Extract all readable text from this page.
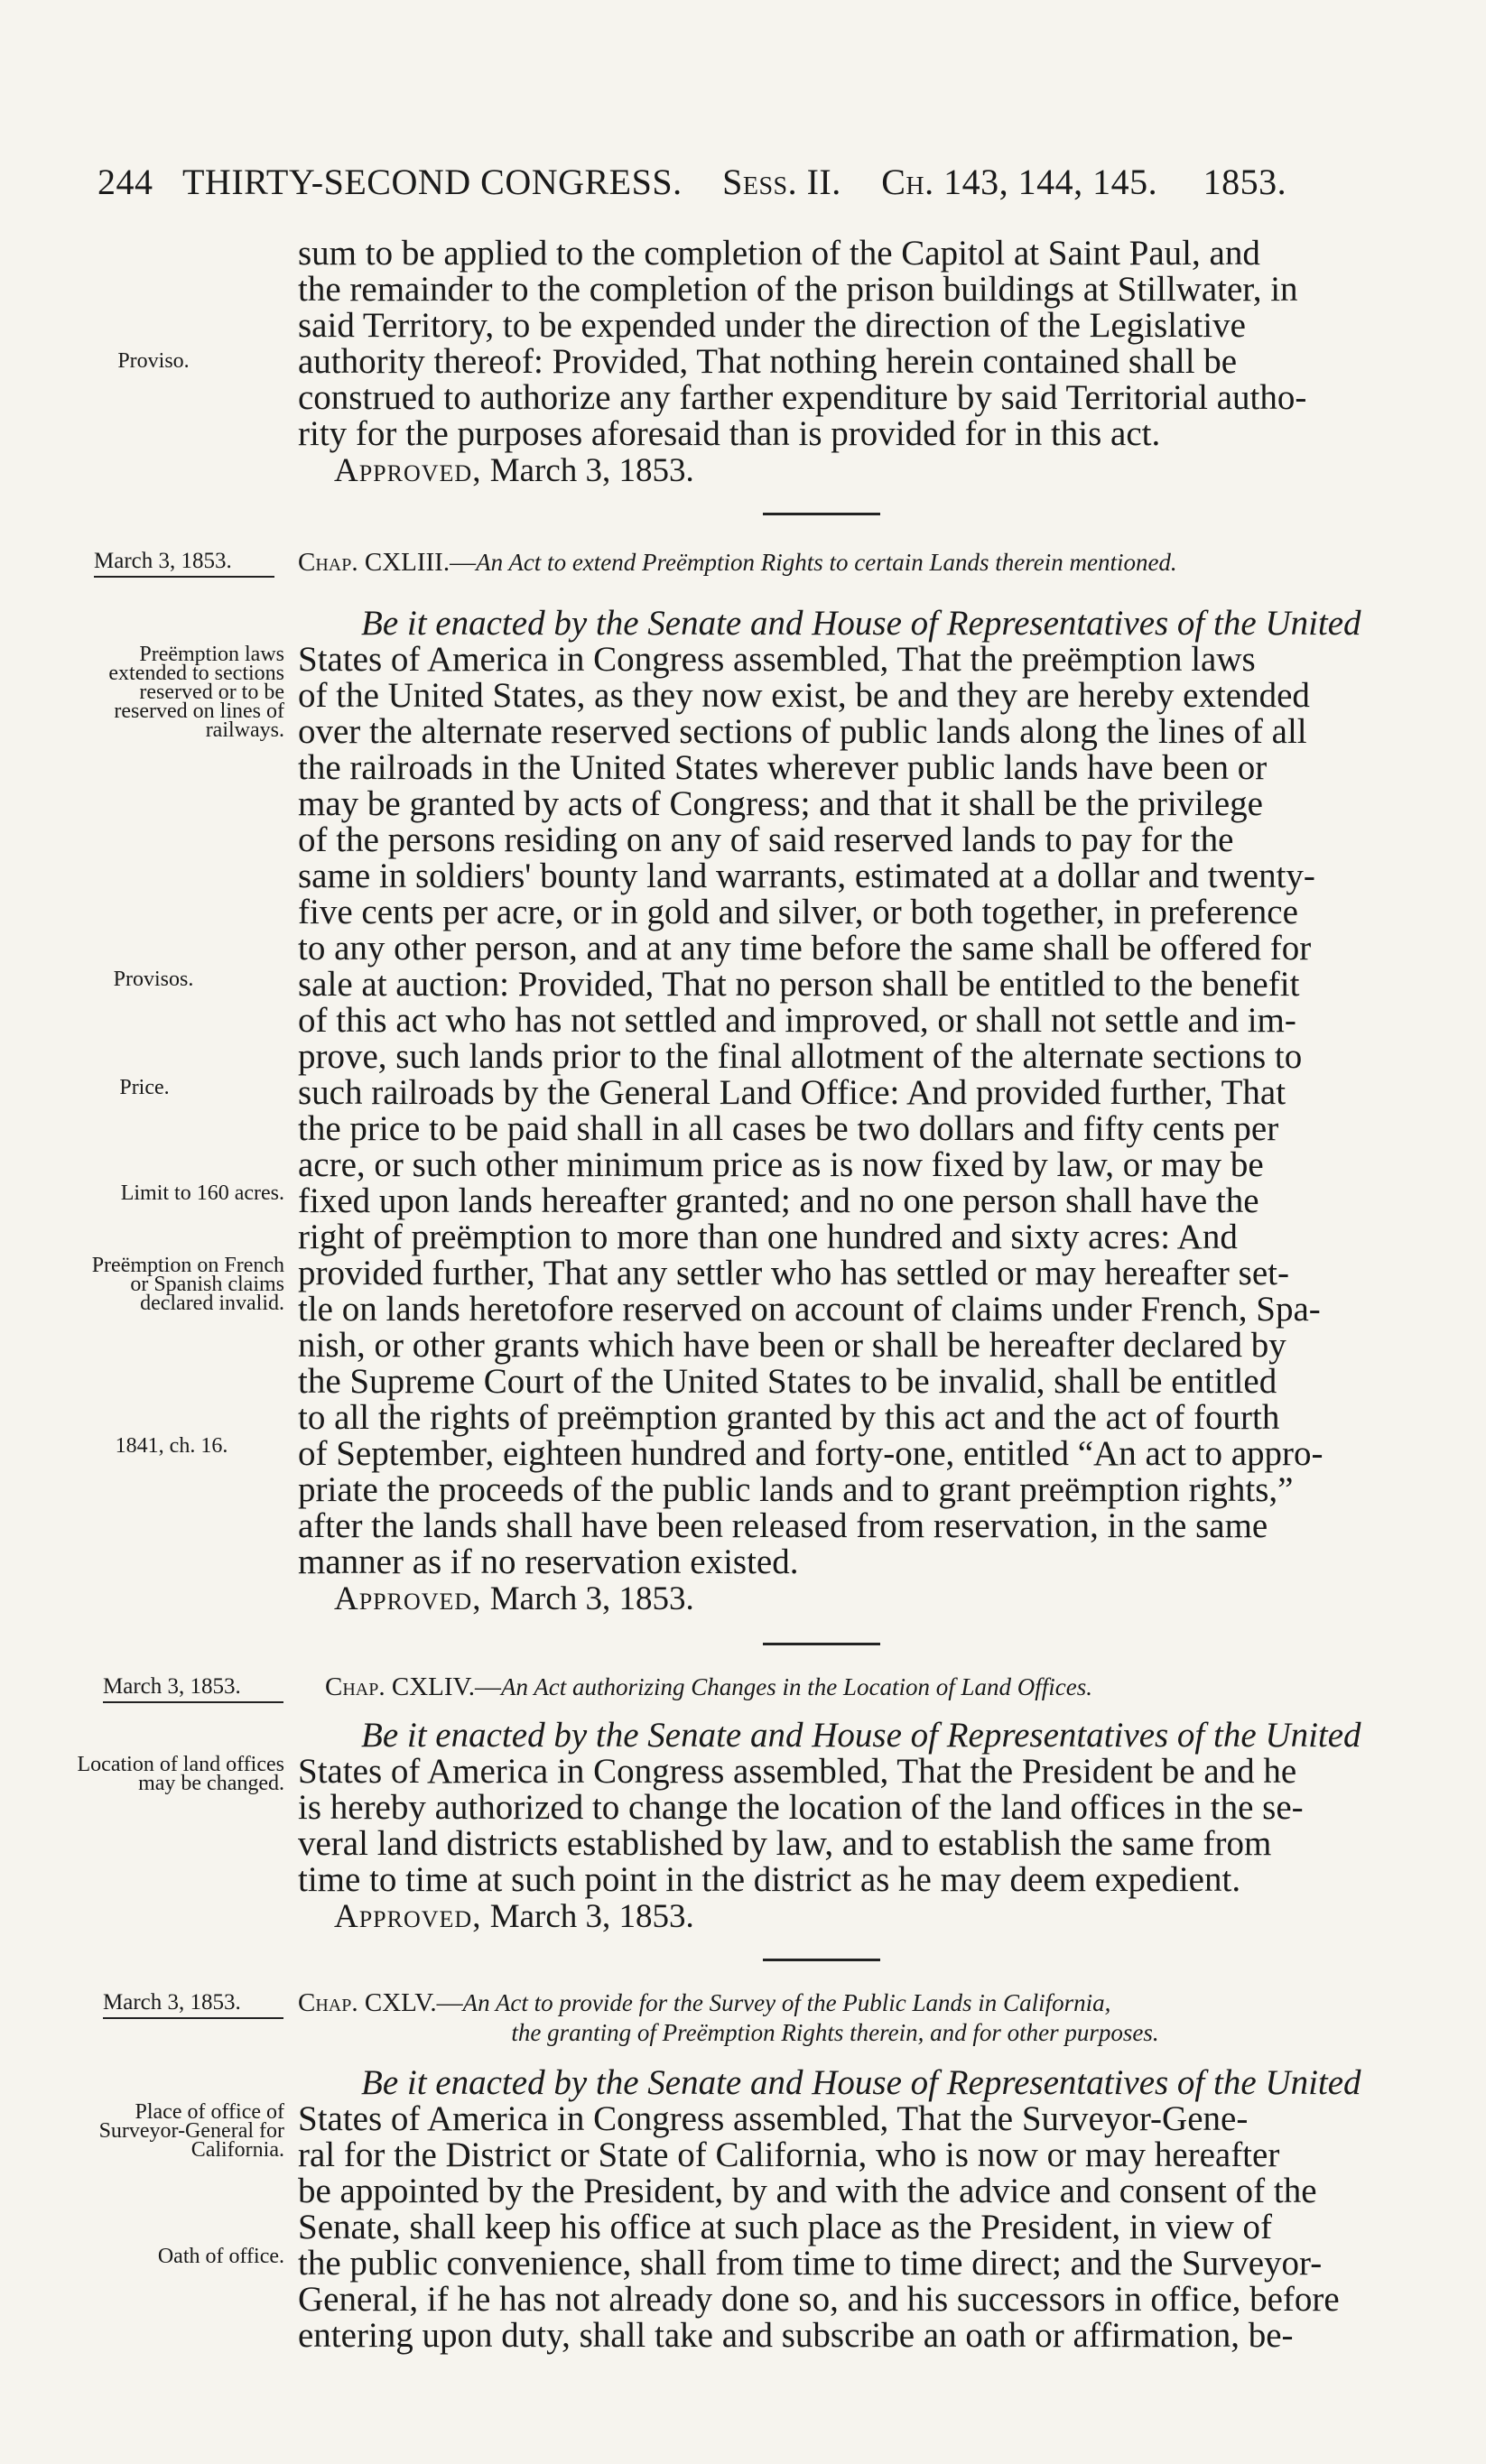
244 THIRTY-SECOND CONGRESS. Sess. II. Ch. 143, 144, 145. 1853.
sum to be applied to the completion of the Capitol at Saint Paul, and
the remainder to the completion of the prison buildings at Stillwater, in
said Territory, to be expended under the direction of the Legislative
authority thereof: Provided, That nothing herein contained shall be
construed to authorize any farther expenditure by said Territorial autho-
rity for the purposes aforesaid than is provided for in this act.
Proviso.
Approved, March 3, 1853.
March 3, 1853.	Chap. CXLIII.—An Act to extend Preëmption Rights to certain Lands therein mentioned.
Be it enacted by the Senate and House of Representatives of the United
States of America in Congress assembled, That the preëmption laws
of the United States, as they now exist, be and they are hereby extended
over the alternate reserved sections of public lands along the lines of all
the railroads in the United States wherever public lands have been or
may be granted by acts of Congress; and that it shall be the privilege
of the persons residing on any of said reserved lands to pay for the
same in soldiers' bounty land warrants, estimated at a dollar and twenty-
five cents per acre, or in gold and silver, or both together, in preference
to any other person, and at any time before the same shall be offered for
sale at auction: Provided, That no person shall be entitled to the benefit
of this act who has not settled and improved, or shall not settle and im-
prove, such lands prior to the final allotment of the alternate sections to
such railroads by the General Land Office: And provided further, That
the price to be paid shall in all cases be two dollars and fifty cents per
acre, or such other minimum price as is now fixed by law, or may be
fixed upon lands hereafter granted; and no one person shall have the
right of preëmption to more than one hundred and sixty acres: And
provided further, That any settler who has settled or may hereafter set-
tle on lands heretofore reserved on account of claims under French, Spa-
nish, or other grants which have been or shall be hereafter declared by
the Supreme Court of the United States to be invalid, shall be entitled
to all the rights of preëmption granted by this act and the act of fourth
of September, eighteen hundred and forty-one, entitled “An act to appro-
priate the proceeds of the public lands and to grant preëmption rights,”
after the lands shall have been released from reservation, in the same
manner as if no reservation existed.
Preëmption laws extended to sections reserved or to be reserved on lines of railways.
Provisos.
Price.
Limit to 160 acres.
Preëmption on French or Spanish claims declared invalid.
1841, ch. 16.
Approved, March 3, 1853.
March 3, 1853.	Chap. CXLIV.—An Act authorizing Changes in the Location of Land Offices.
Be it enacted by the Senate and House of Representatives of the United
States of America in Congress assembled, That the President be and he
is hereby authorized to change the location of the land offices in the se-
veral land districts established by law, and to establish the same from
time to time at such point in the district as he may deem expedient.
Location of land offices may be changed.
Approved, March 3, 1853.
March 3, 1853.	Chap. CXLV.—An Act to provide for the Survey of the Public Lands in California,
the granting of Preëmption Rights therein, and for other purposes.
Be it enacted by the Senate and House of Representatives of the United
States of America in Congress assembled, That the Surveyor-Gene-
ral for the District or State of California, who is now or may hereafter
be appointed by the President, by and with the advice and consent of the
Senate, shall keep his office at such place as the President, in view of
the public convenience, shall from time to time direct; and the Surveyor-
General, if he has not already done so, and his successors in office, before
entering upon duty, shall take and subscribe an oath or affirmation, be-
Place of office of Surveyor-General for California.
Oath of office.
